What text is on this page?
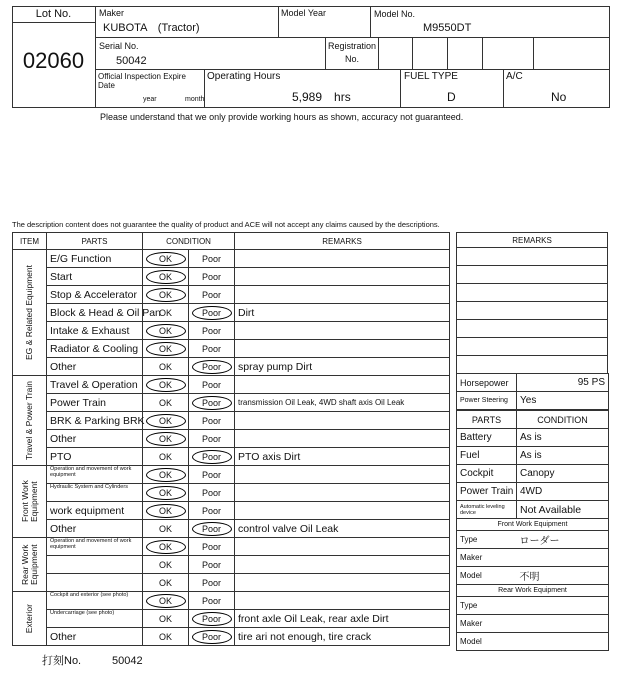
Lot No.
02060
Maker
KUBOTA　(Tractor)
Model Year	Model No.
M9550DT
Serial No.
50042
Registration No.
Official Inspection Expire Date
year	month
Operating Hours
5,989　hrs
FUEL TYPE
D
A/C
No
Please understand that we only provide working hours as shown, accuracy not guaranteed.
The description content does not guarantee the quality of product and ACE will not accept any claims caused by the descriptions.
ITEM	PARTS	CONDITION		REMARKS

EG & Related Equipment	E/G Function	OK	Poor	
	Start	OK	Poor	
	Stop & Accelerator	OK	Poor	
	Block & Head & Oil Pan	OK	Poor	Dirt
	Intake & Exhaust	OK	Poor	
	Radiator & Cooling	OK	Poor	
	Other	OK	Poor	spray pump Dirt

Travel & Power Train	Travel & Operation	OK	Poor	
	Power Train	OK	Poor	transmission Oil Leak, 4WD shaft axis Oil Leak
	BRK & Parking BRK	OK	Poor	
	Other	OK	Poor	
	PTO	OK	Poor	PTO axis Dirt

Front Work Equipment	Operation and movement of work equipment	OK	Poor	
	Hydraulic System and Cylinders	OK	Poor	
	work equipment	OK	Poor	
	Other	OK	Poor	control valve Oil Leak

Rear Work Equipment	Operation and movement of work equipment	OK	Poor	
		OK	Poor	
		OK	Poor	

Exterior	Cockpit and exterior (see photo)	OK	Poor	
	Undercarriage (see photo)	OK	Poor	front axle Oil Leak, rear axle Dirt
	Other	OK	Poor	tire ari not enough, tire crack
REMARKS

Horsepower	95 PS
Power Steering	Yes
PARTS	CONDITION
Battery	As is
Fuel	As is
Cockpit	Canopy
Power Train	4WD
Automatic leveling device	Not Available
Front Work Equipment	
Type	ローダー
Maker	
Model	不明
Rear Work Equipment	
Type	
Maker	
Model	
打刻No.	50042
